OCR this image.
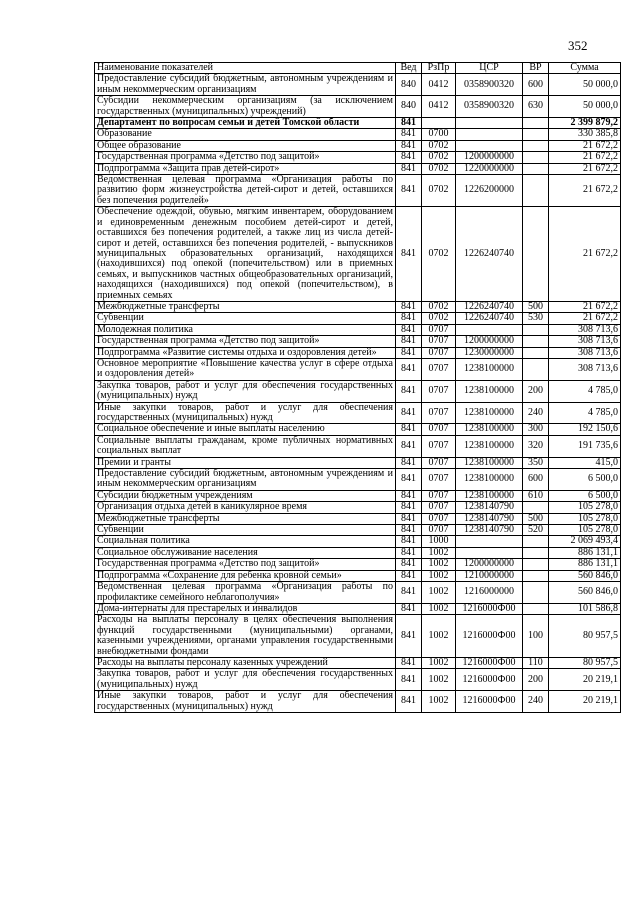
352
Наименование показателей	Вед	РзПр	ЦСР	ВР	Сумма
Предоставление субсидий бюджетным, автономным учреждениям и иным некоммерческим организациям	840	0412	0358900320	600	50 000,0
Субсидии некоммерческим организациям (за исключением государственных (муниципальных) учреждений)	840	0412	0358900320	630	50 000,0
Департамент по вопросам семьи и детей Томской области	841				2 399 879,2
Образование	841	0700			330 385,8
Общее образование	841	0702			21 672,2
Государственная программа «Детство под защитой»	841	0702	1200000000		21 672,2
Подпрограмма «Защита прав детей-сирот»	841	0702	1220000000		21 672,2
Ведомственная целевая программа «Организация работы по развитию форм жизнеустройства детей-сирот и детей, оставшихся без попечения родителей»	841	0702	1226200000		21 672,2
Обеспечение одеждой, обувью, мягким инвентарем, оборудованием и единовременным денежным пособием детей-сирот и детей, оставшихся без попечения родителей, а также лиц из числа детей-сирот и детей, оставшихся без попечения родителей, - выпускников муниципальных образовательных организаций, находящихся (находившихся) под опекой (попечительством) или в приемных семьях, и выпускников частных общеобразовательных организаций, находящихся (находившихся) под опекой (попечительством), в приемных семьях	841	0702	1226240740		21 672,2
Межбюджетные трансферты	841	0702	1226240740	500	21 672,2
Субвенции	841	0702	1226240740	530	21 672,2
Молодежная политика	841	0707			308 713,6
Государственная программа «Детство под защитой»	841	0707	1200000000		308 713,6
Подпрограмма «Развитие системы отдыха и оздоровления детей»	841	0707	1230000000		308 713,6
Основное мероприятие «Повышение качества услуг в сфере отдыха и оздоровления детей»	841	0707	1238100000		308 713,6
Закупка товаров, работ и услуг для обеспечения государственных (муниципальных) нужд	841	0707	1238100000	200	4 785,0
Иные закупки товаров, работ и услуг для обеспечения государственных (муниципальных) нужд	841	0707	1238100000	240	4 785,0
Социальное обеспечение и иные выплаты населению	841	0707	1238100000	300	192 150,6
Социальные выплаты гражданам, кроме публичных нормативных социальных выплат	841	0707	1238100000	320	191 735,6
Премии и гранты	841	0707	1238100000	350	415,0
Предоставление субсидий бюджетным, автономным учреждениям и иным некоммерческим организациям	841	0707	1238100000	600	6 500,0
Субсидии бюджетным учреждениям	841	0707	1238100000	610	6 500,0
Организация отдыха детей в каникулярное время	841	0707	1238140790		105 278,0
Межбюджетные трансферты	841	0707	1238140790	500	105 278,0
Субвенции	841	0707	1238140790	520	105 278,0
Социальная политика	841	1000			2 069 493,4
Социальное обслуживание населения	841	1002			886 131,1
Государственная программа «Детство под защитой»	841	1002	1200000000		886 131,1
Подпрограмма «Сохранение для ребенка кровной семьи»	841	1002	1210000000		560 846,0
Ведомственная целевая программа «Организация работы по профилактике семейного неблагополучия»	841	1002	1216000000		560 846,0
Дома-интернаты для престарелых и инвалидов	841	1002	1216000Ф00		101 586,8
Расходы на выплаты персоналу в целях обеспечения выполнения функций государственными (муниципальными) органами, казенными учреждениями, органами управления государственными внебюджетными фондами	841	1002	1216000Ф00	100	80 957,5
Расходы на выплаты персоналу казенных учреждений	841	1002	1216000Ф00	110	80 957,5
Закупка товаров, работ и услуг для обеспечения государственных (муниципальных) нужд	841	1002	1216000Ф00	200	20 219,1
Иные закупки товаров, работ и услуг для обеспечения государственных (муниципальных) нужд	841	1002	1216000Ф00	240	20 219,1
